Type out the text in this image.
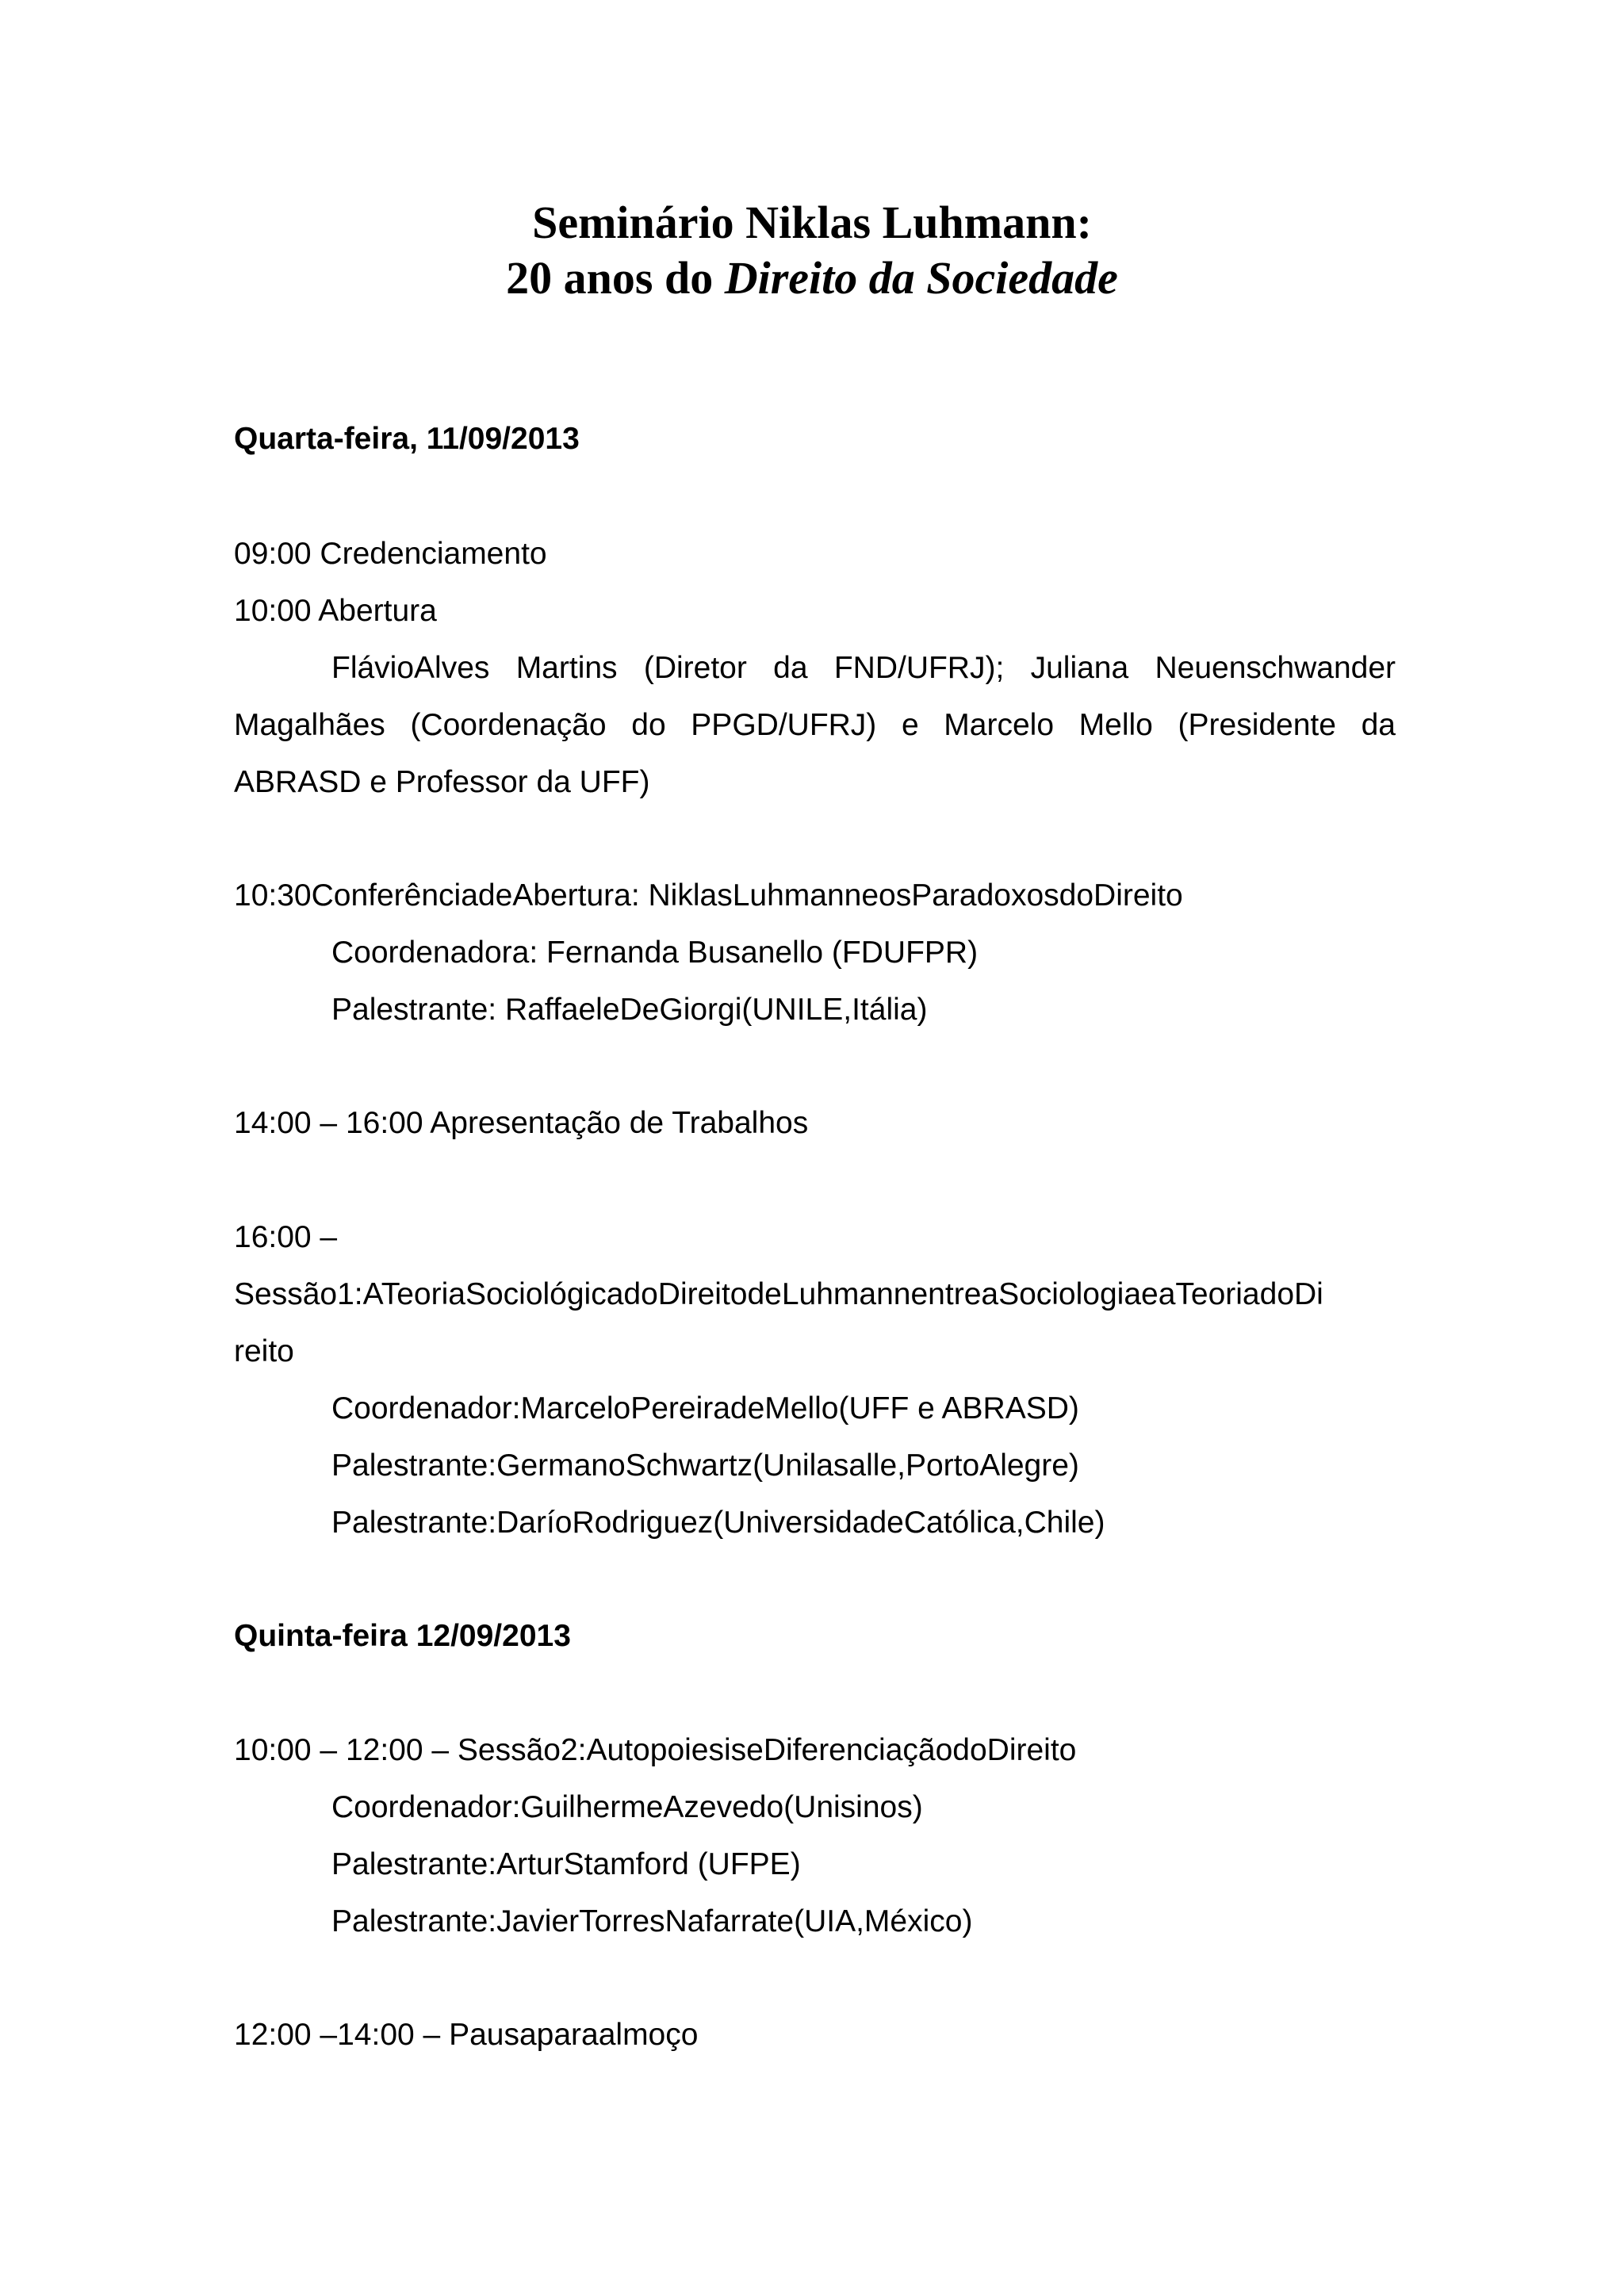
Seminário Niklas Luhmann:
20 anos do Direito da Sociedade

Quarta-feira, 11/09/2013

09:00 Credenciamento

10:00 Abertura

FlávioAlves Martins (Diretor da FND/UFRJ); Juliana Neuenschwander

Magalhães (Coordenação do PPGD/UFRJ) e Marcelo Mello (Presidente da

ABRASD e Professor da UFF)

10:30ConferênciadeAbertura: NiklasLuhmanneosParadoxosdoDireito

Coordenadora: Fernanda Busanello (FDUFPR)

Palestrante: RaffaeleDeGiorgi(UNILE,Itália)

14:00 – 16:00 Apresentação de Trabalhos

16:00 –

Sessão1:ATeoriaSociológicadoDireitodeLuhmannentreaSociologiaeaTeoriadoDi

reito

Coordenador:MarceloPereiradeMello(UFF e ABRASD)

Palestrante:GermanoSchwartz(Unilasalle,PortoAlegre)

Palestrante:DaríoRodriguez(UniversidadeCatólica,Chile)

Quinta-feira 12/09/2013

10:00 – 12:00 – Sessão2:AutopoiesiseDiferenciaçãodoDireito

Coordenador:GuilhermeAzevedo(Unisinos)

Palestrante:ArturStamford (UFPE)

Palestrante:JavierTorresNafarrate(UIA,México)

12:00 –14:00 – Pausaparaalmoço
